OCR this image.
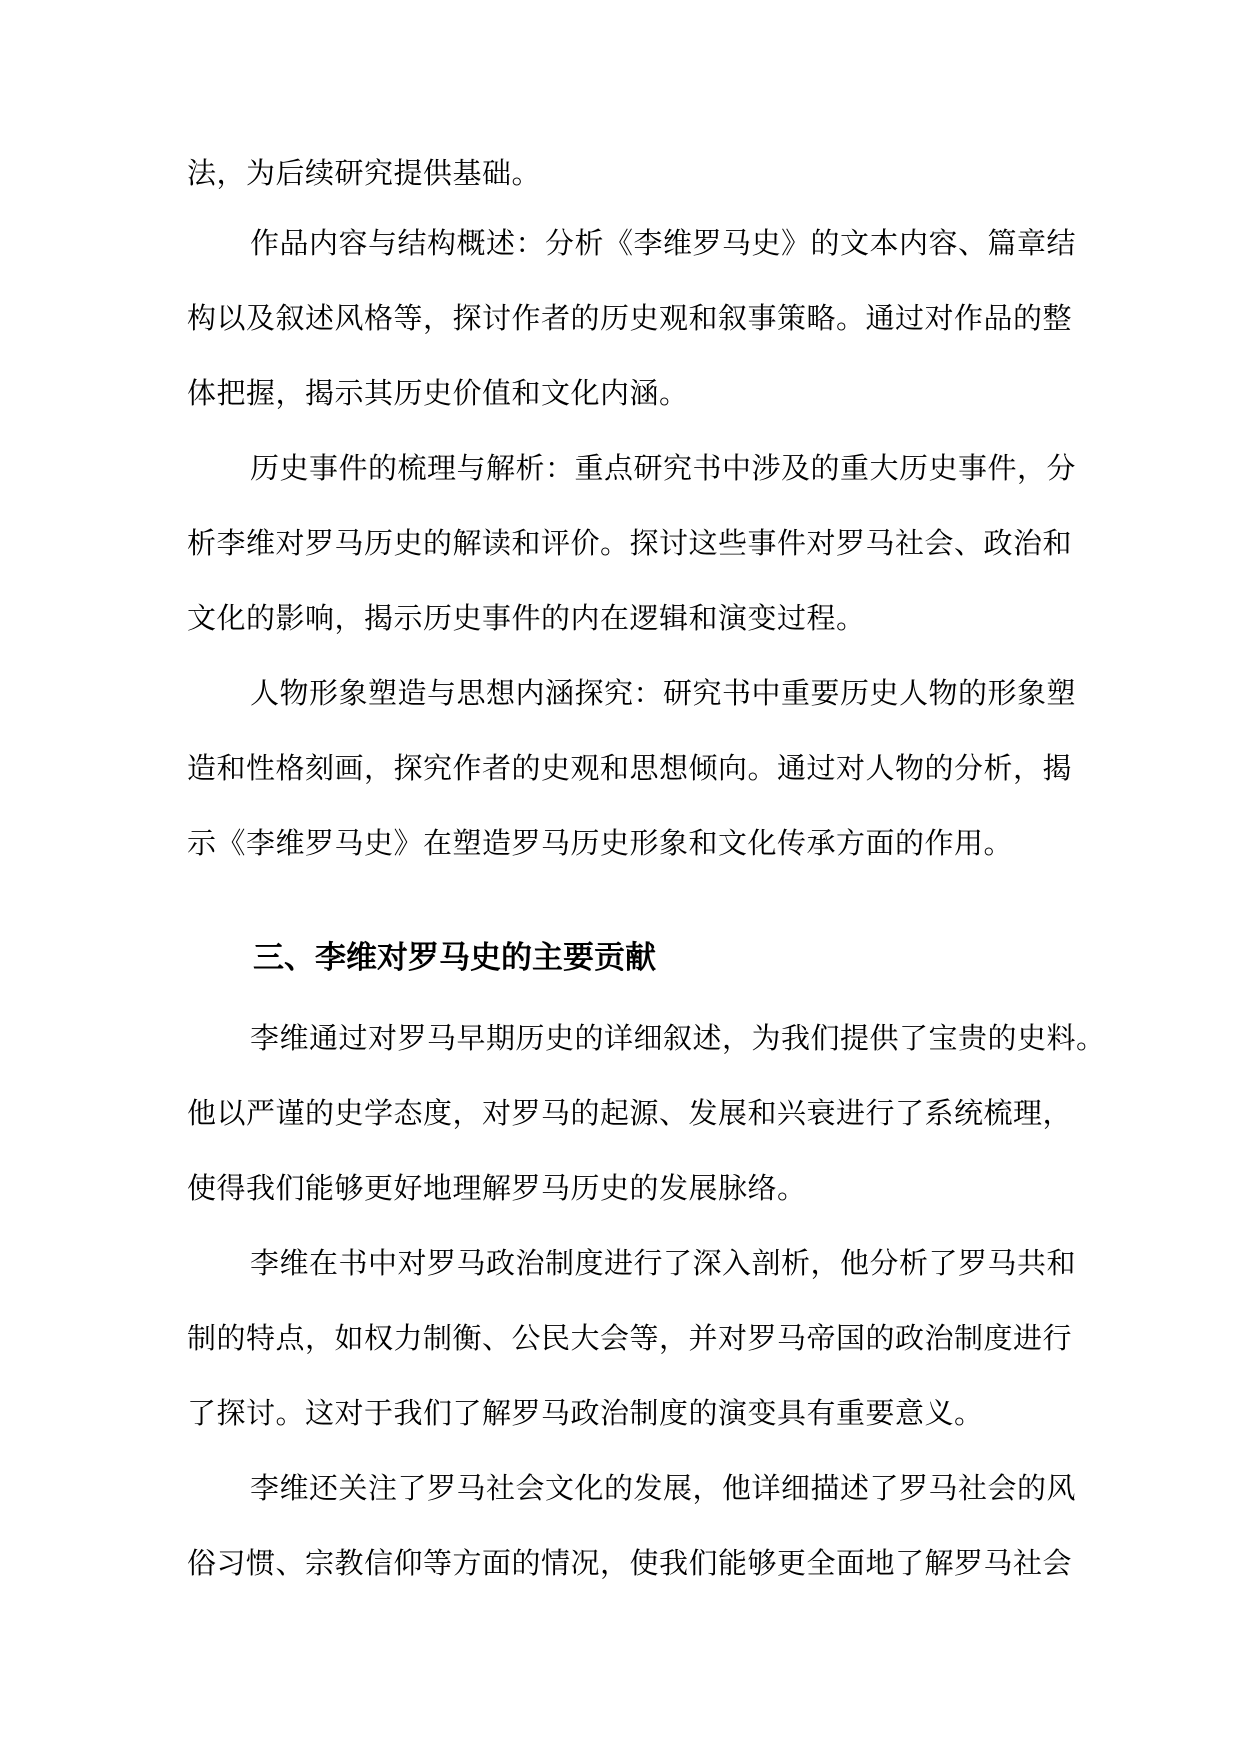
法，为后续研究提供基础。
作品内容与结构概述：分析《李维罗马史》的文本内容、篇章结
构以及叙述风格等，探讨作者的历史观和叙事策略。通过对作品的整
体把握，揭示其历史价值和文化内涵。
历史事件的梳理与解析：重点研究书中涉及的重大历史事件，分
析李维对罗马历史的解读和评价。探讨这些事件对罗马社会、政治和
文化的影响，揭示历史事件的内在逻辑和演变过程。
人物形象塑造与思想内涵探究：研究书中重要历史人物的形象塑
造和性格刻画，探究作者的史观和思想倾向。通过对人物的分析，揭
示《李维罗马史》在塑造罗马历史形象和文化传承方面的作用。
三、李维对罗马史的主要贡献
李维通过对罗马早期历史的详细叙述，为我们提供了宝贵的史料。
他以严谨的史学态度，对罗马的起源、发展和兴衰进行了系统梳理，
使得我们能够更好地理解罗马历史的发展脉络。
李维在书中对罗马政治制度进行了深入剖析，他分析了罗马共和
制的特点，如权力制衡、公民大会等，并对罗马帝国的政治制度进行
了探讨。这对于我们了解罗马政治制度的演变具有重要意义。
李维还关注了罗马社会文化的发展，他详细描述了罗马社会的风
俗习惯、宗教信仰等方面的情况，使我们能够更全面地了解罗马社会
